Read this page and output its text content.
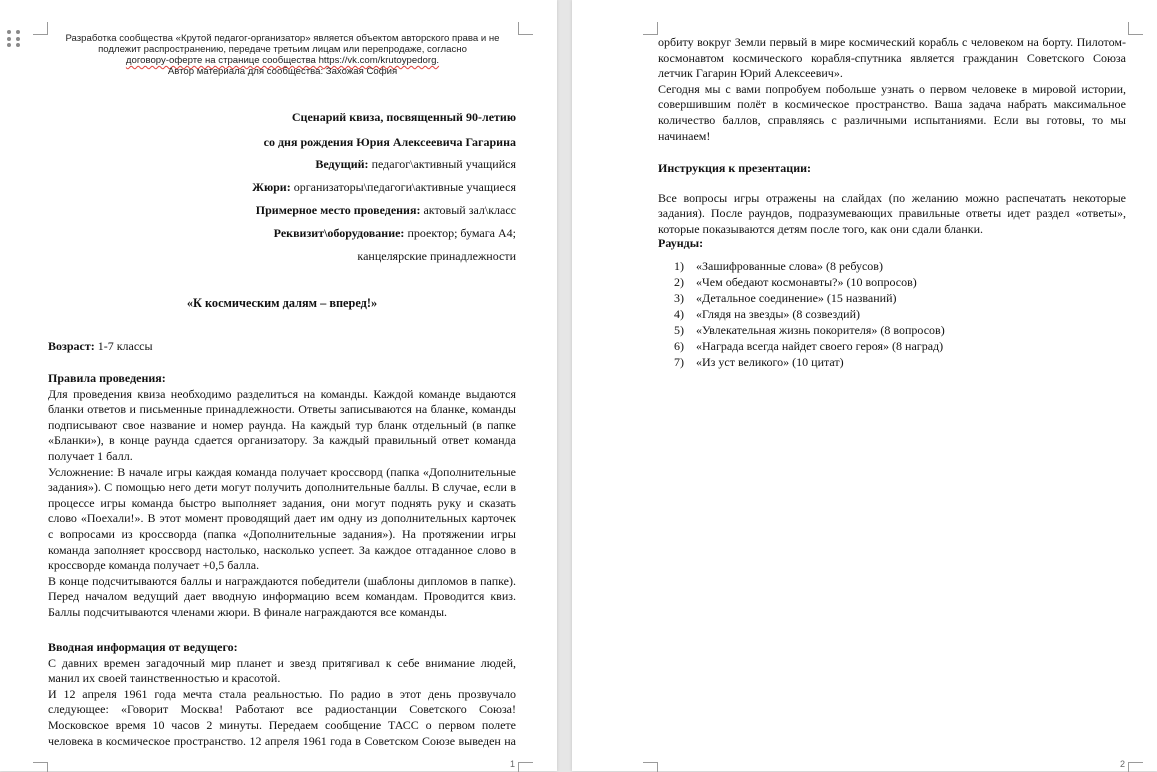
Разработка сообщества «Крутой педагог-организатор» является объектом авторского права и не
подлежит распространению, передаче третьим лицам или перепродаже, согласно
договору-оферте на странице сообщества https://vk.com/krutoypedorg.
Автор материала для сообщества: Захожая София
Сценарий квиза, посвященный 90-летию
со дня рождения Юрия Алексеевича Гагарина
Ведущий: педагог\активный учащийся
Жюри: организаторы\педагоги\активные учащиеся
Примерное место проведения: актовый зал\класс
Реквизит\оборудование: проектор; бумага А4;
канцелярские принадлежности
«К космическим далям – вперед!»
Возраст: 1-7 классы
Правила проведения:
Для проведения квиза необходимо разделиться на команды. Каждой команде выдаются
бланки ответов и письменные принадлежности. Ответы записываются на бланке, команды
подписывают свое название и номер раунда. На каждый тур бланк отдельный (в папке
«Бланки»), в конце раунда сдается организатору. За каждый правильный ответ команда
получает 1 балл.
Усложнение: В начале игры каждая команда получает кроссворд (папка «Дополнительные
задания»). С помощью него дети могут получить дополнительные баллы. В случае, если в
процессе игры команда быстро выполняет задания, они могут поднять руку и сказать
слово «Поехали!». В этот момент проводящий дает им одну из дополнительных карточек
с вопросами из кроссворда (папка «Дополнительные задания»). На протяжении игры
команда заполняет кроссворд настолько, насколько успеет. За каждое отгаданное слово в
кроссворде команда получает +0,5 балла.
В конце подсчитываются баллы и награждаются победители (шаблоны дипломов в папке).
Перед началом ведущий дает вводную информацию всем командам. Проводится квиз.
Баллы подсчитываются членами жюри. В финале награждаются все команды.
Вводная информация от ведущего:
С давних времен загадочный мир планет и звезд притягивал к себе внимание людей,
манил их своей таинственностью и красотой.
И 12 апреля 1961 года мечта стала реальностью. По радио в этот день прозвучало
следующее: «Говорит Москва! Работают все радиостанции Советского Союза!
Московское время 10 часов 2 минуты. Передаем сообщение ТАСС о первом полете
человека в космическое пространство. 12 апреля 1961 года в Советском Союзе выведен на
1
орбиту вокруг Земли первый в мире космический корабль с человеком на борту. Пилотом-
космонавтом космического корабля-спутника является гражданин Советского Союза
летчик Гагарин Юрий Алексеевич».
Сегодня мы с вами попробуем побольше узнать о первом человеке в мировой истории,
совершившим полёт в космическое пространство. Ваша задача набрать максимальное
количество баллов, справляясь с различными испытаниями. Если вы готовы, то мы
начинаем!
Инструкция к презентации:
Все вопросы игры отражены на слайдах (по желанию можно распечатать некоторые
задания). После раундов, подразумевающих правильные ответы идет раздел «ответы»,
которые показываются детям после того, как они сдали бланки.
Раунды:
1)	«Зашифрованные слова» (8 ребусов)
2)	«Чем обедают космонавты?» (10 вопросов)
3)	«Детальное соединение» (15 названий)
4)	«Глядя на звезды» (8 созвездий)
5)	«Увлекательная жизнь покорителя» (8 вопросов)
6)	«Награда всегда найдет своего героя» (8 наград)
7)	«Из уст великого» (10 цитат)
2
